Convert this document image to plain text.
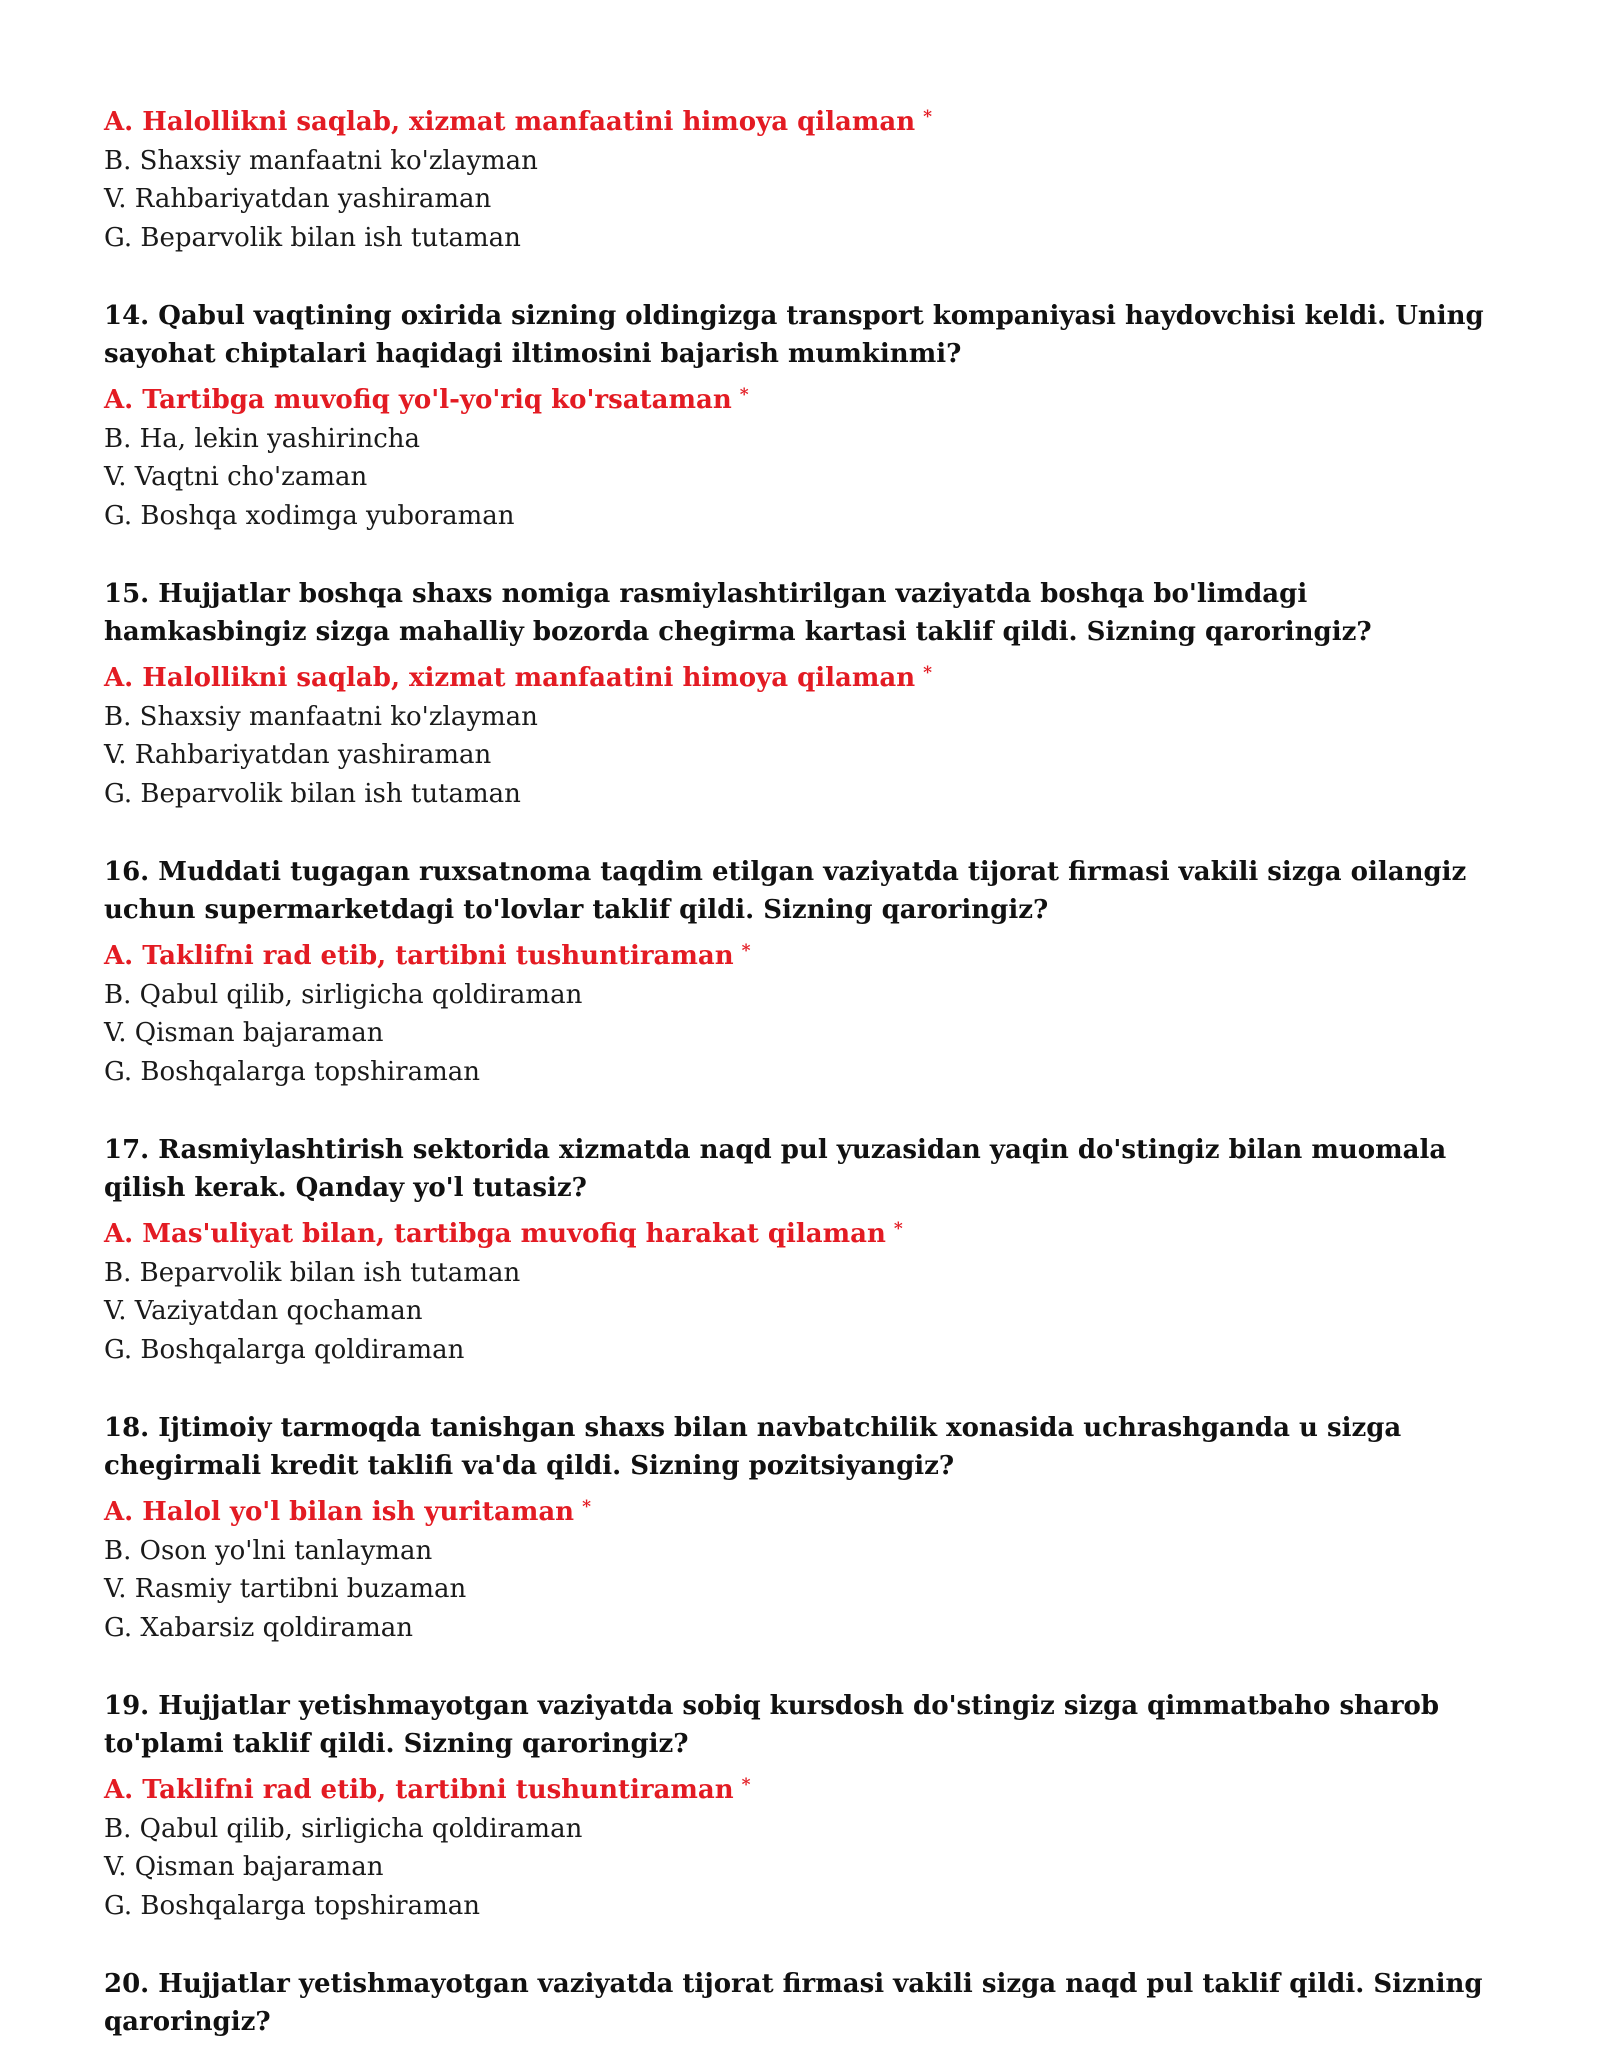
A. Halollikni saqlab, xizmat manfaatini himoya qilaman *
B. Shaxsiy manfaatni ko'zlayman
V. Rahbariyatdan yashiraman
G. Beparvolik bilan ish tutaman
14. Qabul vaqtining oxirida sizning oldingizga transport kompaniyasi haydovchisi keldi. Uning sayohat chiptalari haqidagi iltimosini bajarish mumkinmi?
A. Tartibga muvofiq yo'l-yo'riq ko'rsataman *
B. Ha, lekin yashirincha
V. Vaqtni cho'zaman
G. Boshqa xodimga yuboraman
15. Hujjatlar boshqa shaxs nomiga rasmiylashtirilgan vaziyatda boshqa bo'limdagi hamkasbingiz sizga mahalliy bozorda chegirma kartasi taklif qildi. Sizning qaroringiz?
A. Halollikni saqlab, xizmat manfaatini himoya qilaman *
B. Shaxsiy manfaatni ko'zlayman
V. Rahbariyatdan yashiraman
G. Beparvolik bilan ish tutaman
16. Muddati tugagan ruxsatnoma taqdim etilgan vaziyatda tijorat firmasi vakili sizga oilangiz uchun supermarketdagi to'lovlar taklif qildi. Sizning qaroringiz?
A. Taklifni rad etib, tartibni tushuntiraman *
B. Qabul qilib, sirligicha qoldiraman
V. Qisman bajaraman
G. Boshqalarga topshiraman
17. Rasmiylashtirish sektorida xizmatda naqd pul yuzasidan yaqin do'stingiz bilan muomala qilish kerak. Qanday yo'l tutasiz?
A. Mas'uliyat bilan, tartibga muvofiq harakat qilaman *
B. Beparvolik bilan ish tutaman
V. Vaziyatdan qochaman
G. Boshqalarga qoldiraman
18. Ijtimoiy tarmoqda tanishgan shaxs bilan navbatchilik xonasida uchrashganda u sizga chegirmali kredit taklifi va'da qildi. Sizning pozitsiyangiz?
A. Halol yo'l bilan ish yuritaman *
B. Oson yo'lni tanlayman
V. Rasmiy tartibni buzaman
G. Xabarsiz qoldiraman
19. Hujjatlar yetishmayotgan vaziyatda sobiq kursdosh do'stingiz sizga qimmatbaho sharob to'plami taklif qildi. Sizning qaroringiz?
A. Taklifni rad etib, tartibni tushuntiraman *
B. Qabul qilib, sirligicha qoldiraman
V. Qisman bajaraman
G. Boshqalarga topshiraman
20. Hujjatlar yetishmayotgan vaziyatda tijorat firmasi vakili sizga naqd pul taklif qildi. Sizning qaroringiz?
